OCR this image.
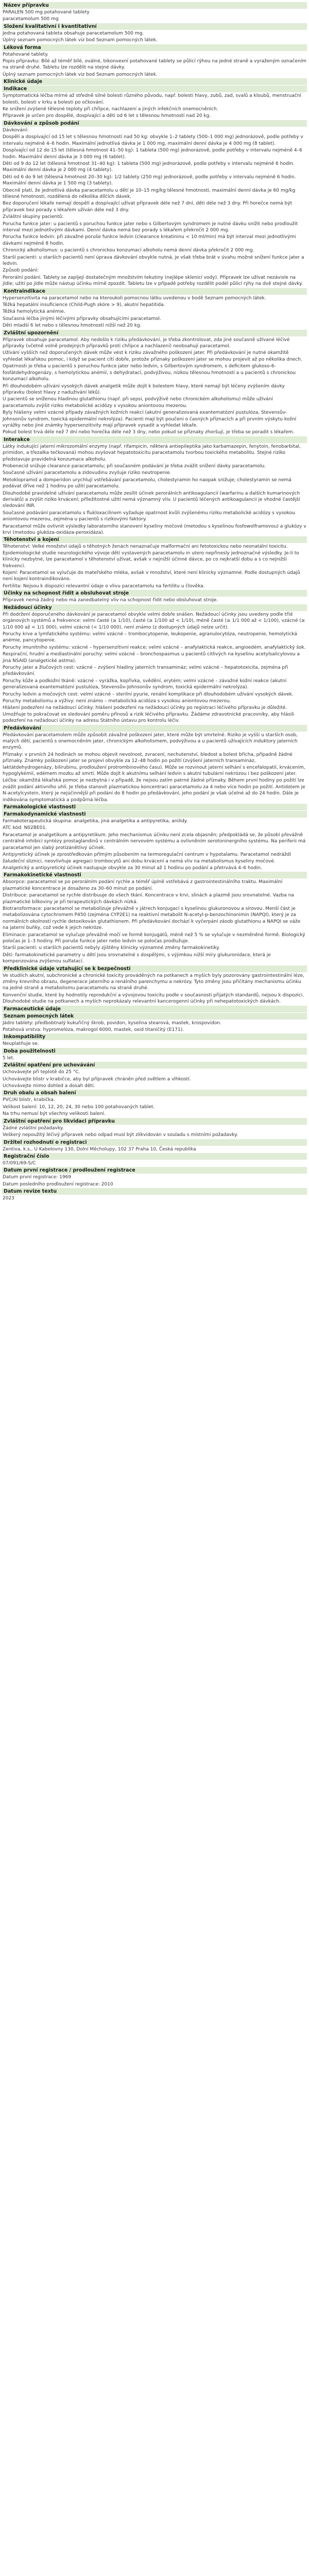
Název přípravku
PARALEN 500 mg potahované tablety
paracetamolum 500 mg
Složení kvalitativní i kvantitativní
Jedna potahovaná tableta obsahuje paracetamolum 500 mg.
Úplný seznam pomocných látek viz bod Seznam pomocných látek.
Léková forma
Potahované tablety.
Popis přípravku: Bílé až téměř bílé, oválné, bikonvexní potahované tablety se půlicí rýhou na jedné straně a vyraženým označením na straně druhé. Tabletu lze rozdělit na stejné dávky.
Úplný seznam pomocných látek viz bod Seznam pomocných látek.
Klinické údaje
Indikace
Symptomatická léčba mírné až středně silné bolesti různého původu, např. bolesti hlavy, zubů, zad, svalů a kloubů, menstruační bolesti, bolesti v krku a bolesti po očkování.
Ke snížení zvýšené tělesné teploty při chřipce, nachlazení a jiných infekčních onemocněních.
Přípravek je určen pro dospělé, dospívající a děti od 6 let s tělesnou hmotností nad 20 kg.
Dávkování a způsob podání
Dávkování:
Dospělí a dospívající od 15 let s tělesnou hmotností nad 50 kg: obvykle 1–2 tablety (500–1 000 mg) jednorázově, podle potřeby v intervalu nejméně 4–6 hodin. Maximální jednotlivá dávka je 1 000 mg, maximální denní dávka je 4 000 mg (8 tablet).
Dospívající od 12 do 15 let (tělesná hmotnost 41–50 kg): 1 tableta (500 mg) jednorázově, podle potřeby v intervalu nejméně 4–6 hodin. Maximální denní dávka je 3 000 mg (6 tablet).
Děti od 9 do 12 let (tělesná hmotnost 31–40 kg): 1 tableta (500 mg) jednorázově, podle potřeby v intervalu nejméně 6 hodin. Maximální denní dávka je 2 000 mg (4 tablety).
Děti od 6 do 9 let (tělesná hmotnost 20–30 kg): 1/2 tablety (250 mg) jednorázově, podle potřeby v intervalu nejméně 6 hodin. Maximální denní dávka je 1 500 mg (3 tablety).
Obecně platí, že jednotlivá dávka paracetamolu u dětí je 10–15 mg/kg tělesné hmotnosti, maximální denní dávka je 60 mg/kg tělesné hmotnosti, rozdělená do několika dílčích dávek.
Bez doporučení lékaře nemají dospělí a dospívající užívat přípravek déle než 7 dní, děti déle než 3 dny. Při horečce nemá být přípravek bez porady s lékařem užíván déle než 3 dny.
Zvláštní skupiny pacientů:
Porucha funkce jater: u pacientů s poruchou funkce jater nebo s Gilbertovým syndromem je nutné dávku snížit nebo prodloužit interval mezi jednotlivými dávkami. Denní dávka nemá bez porady s lékařem překročit 2 000 mg.
Porucha funkce ledvin: při závažné poruše funkce ledvin (clearance kreatininu < 10 ml/min) má být interval mezi jednotlivými dávkami nejméně 8 hodin.
Chronický alkoholismus: u pacientů s chronickou konzumací alkoholu nemá denní dávka překročit 2 000 mg.
Starší pacienti: u starších pacientů není úprava dávkování obvykle nutná, je však třeba brát v úvahu možné snížení funkce jater a ledvin.
Způsob podání:
Perorální podání. Tablety se zapíjejí dostatečným množstvím tekutiny (nejlépe sklenicí vody). Přípravek lze užívat nezávisle na jídle; užití po jídle může nástup účinku mírně zpozdit. Tabletu lze v případě potřeby rozdělit podél půlicí rýhy na dvě stejné dávky.
Kontraindikace
Hypersenzitivita na paracetamol nebo na kteroukoli pomocnou látku uvedenou v bodě Seznam pomocných látek.
Těžká hepatální insuficience (Child-Pugh skóre > 9), akutní hepatitida.
Těžká hemolytická anémie.
Současná léčba jinými léčivými přípravky obsahujícími paracetamol.
Děti mladší 6 let nebo s tělesnou hmotností nižší než 20 kg.
Zvláštní upozornění
Přípravek obsahuje paracetamol. Aby nedošlo k riziku předávkování, je třeba zkontrolovat, zda jiné současně užívané léčivé přípravky (včetně volně prodejných přípravků proti chřipce a nachlazení) neobsahují paracetamol.
Užívání vyšších než doporučených dávek může vést k riziku závažného poškození jater. Při předávkování je nutné okamžitě vyhledat lékařskou pomoc, i když se pacient cítí dobře, protože příznaky poškození jater se mohou projevit až po několika dnech.
Opatrnosti je třeba u pacientů s poruchou funkce jater nebo ledvin, s Gilbertovým syndromem, s deficitem glukoso-6-fosfátdehydrogenázy, s hemolytickou anémií, s dehydratací, podvýživou, nízkou tělesnou hmotností a u pacientů s chronickou konzumací alkoholu.
Při dlouhodobém užívání vysokých dávek analgetik může dojít k bolestem hlavy, které nemají být léčeny zvýšením dávky přípravku (bolest hlavy z nadužívání léků).
U pacientů se sníženou hladinou glutathionu (např. při sepsi, podvýživě nebo chronickém alkoholismu) může užívání paracetamolu zvýšit riziko metabolické acidózy s vysokou aniontovou mezerou.
Byly hlášeny velmi vzácné případy závažných kožních reakcí (akutní generalizovaná exantematózní pustulóza, Stevensův-Johnsonův syndrom, toxická epidermální nekrolýza). Pacienti mají být poučeni o časných příznacích a při prvním výskytu kožní vyrážky nebo jiné známky hypersenzitivity mají přípravek vysadit a vyhledat lékaře.
Pokud bolest trvá déle než 7 dní nebo horečka déle než 3 dny, nebo pokud se příznaky zhoršují, je třeba se poradit s lékařem.
Interakce
Látky indukující jaterní mikrozomální enzymy (např. rifampicin, některá antiepileptika jako karbamazepin, fenytoin, fenobarbital, primidon, a třezalka tečkovaná) mohou zvyšovat hepatotoxicitu paracetamolu tvorbou toxického metabolitu. Stejné riziko představuje pravidelná konzumace alkoholu.
Probenecid snižuje clearance paracetamolu; při současném podávání je třeba zvážit snížení dávky paracetamolu.
Současné užívání paracetamolu a zidovudinu zvyšuje riziko neutropenie.
Metoklopramid a domperidon urychlují vstřebávání paracetamolu, cholestyramin ho naopak snižuje; cholestyramin se nemá podávat dříve než 1 hodinu po užití paracetamolu.
Dlouhodobé pravidelné užívání paracetamolu může zesílit účinek perorálních antikoagulancií (warfarinu a dalších kumarinových derivátů) a zvýšit riziko krvácení; příležitostné užití nemá významný vliv. U pacientů léčených antikoagulancii je vhodné častější sledování INR.
Současné podávání paracetamolu s flukloxacilinem vyžaduje opatrnost kvůli zvýšenému riziku metabolické acidózy s vysokou aniontovou mezerou, zejména u pacientů s rizikovými faktory.
Paracetamol může ovlivnit výsledky laboratorního stanovení kyseliny močové (metodou s kyselinou fosfowolframovou) a glukózy v krvi (metodou glukóza-oxidáza-peroxidáza).
Těhotenství a kojení
Těhotenství: Velké množství údajů o těhotných ženách nenaznačuje malformační ani fetotoxickou nebo neonatální toxicitu. Epidemiologické studie neurologického vývoje dětí vystavených paracetamolu in utero nepřinesly jednoznačné výsledky. Je-li to klinicky nezbytné, lze paracetamol v těhotenství užívat, avšak v nejnižší účinné dávce, po co nejkratší dobu a s co nejnižší frekvencí.
Kojení: Paracetamol se vylučuje do mateřského mléka, avšak v množství, které není klinicky významné. Podle dostupných údajů není kojení kontraindikováno.
Fertilita: Nejsou k dispozici relevantní údaje o vlivu paracetamolu na fertilitu u člověka.
Účinky na schopnost řídit a obsluhovat stroje
Přípravek nemá žádný nebo má zanedbatelný vliv na schopnost řídit nebo obsluhovat stroje.
Nežádoucí účinky
Při dodržení doporučeného dávkování je paracetamol obvykle velmi dobře snášen. Nežádoucí účinky jsou uvedeny podle tříd orgánových systémů a frekvence: velmi časté (≥ 1/10), časté (≥ 1/100 až < 1/10), méně časté (≥ 1/1 000 až < 1/100), vzácné (≥ 1/10 000 až < 1/1 000), velmi vzácné (< 1/10 000), není známo (z dostupných údajů nelze určit).
Poruchy krve a lymfatického systému: velmi vzácné – trombocytopenie, leukopenie, agranulocytóza, neutropenie, hemolytická anémie, pancytopenie.
Poruchy imunitního systému: vzácné – hypersenzitivní reakce; velmi vzácné – anafylaktická reakce, angioedém, anafylaktický šok.
Respirační, hrudní a mediastinální poruchy: velmi vzácné – bronchospasmus u pacientů citlivých na kyselinu acetylsalicylovou a jiná NSAID (analgetické astma).
Poruchy jater a žlučových cest: vzácné – zvýšení hladiny jaterních transamináz; velmi vzácné – hepatotoxicita, zejména při předávkování.
Poruchy kůže a podkožní tkáně: vzácné – vyrážka, kopřivka, svědění, erytém; velmi vzácné – závažné kožní reakce (akutní generalizovaná exantematózní pustulóza, Stevensův-Johnsonův syndrom, toxická epidermální nekrolýza).
Poruchy ledvin a močových cest: velmi vzácné – sterilní pyurie, renální komplikace při dlouhodobém užívání vysokých dávek.
Poruchy metabolismu a výživy: není známo – metabolická acidóza s vysokou aniontovou mezerou.
Hlášení podezření na nežádoucí účinky: hlášení podezření na nežádoucí účinky po registraci léčivého přípravku je důležité. Umožňuje to pokračovat ve sledování poměru přínosů a rizik léčivého přípravku. Žádáme zdravotnické pracovníky, aby hlásili podezření na nežádoucí účinky na adresu Státního ústavu pro kontrolu léčiv.
Předávkování
Předávkování paracetamolem může způsobit závažné poškození jater, které může být smrtelné. Riziko je vyšší u starších osob, malých dětí, pacientů s onemocněním jater, chronickým alkoholismem, podvýživou a u pacientů užívajících induktory jaterních enzymů.
Příznaky: v prvních 24 hodinách se mohou objevit nevolnost, zvracení, nechutenství, bledost a bolest břicha, případně žádné příznaky. Známky poškození jater se projeví obvykle za 12–48 hodin po požití (zvýšení jaterních transamináz, laktátdehydrogenázy, bilirubinu, prodloužení protrombinového času). Může se rozvinout jaterní selhání s encefalopatií, krvácením, hypoglykémií, edémem mozku až smrtí. Může dojít k akutnímu selhání ledvin s akutní tubulární nekrózou i bez poškození jater.
Léčba: okamžitá lékařská pomoc je nezbytná i v případě, že nejsou zatím patrné žádné příznaky. Během první hodiny po požití lze zvážit podání aktivního uhlí. Je třeba stanovit plazmatickou koncentraci paracetamolu za 4 nebo více hodin po požití. Antidotem je N-acetylcystein, který je nejúčinnější při podání do 8 hodin po předávkování, jeho podání je však účelné až do 24 hodin. Dále je indikována symptomatická a podpůrná léčba.
Farmakologické vlastnosti
Farmakodynamické vlastnosti
Farmakoterapeutická skupina: analgetika, jiná analgetika a antipyretika, anilidy.
ATC kód: N02BE01.
Paracetamol je analgetikum a antipyretikum. Jeho mechanismus účinku není zcela objasněn; předpokládá se, že působí převážně centrálně inhibicí syntézy prostaglandinů v centrálním nervovém systému a ovlivněním serotoninergního systému. Na periferii má paracetamol jen slabý protizánětlivý účinek.
Antipyretický účinek je zprostředkován přímým působením na termoregulační centrum v hypotalamu. Paracetamol nedráždí žaludeční sliznici, neovlivňuje agregaci trombocytů ani dobu krvácení a nemá vliv na metabolismus kyseliny močové.
Analgetický a antipyretický účinek nastupuje obvykle za 30 minut až 1 hodinu po podání a přetrvává 4–6 hodin.
Farmakokinetické vlastnosti
Absorpce: paracetamol se po perorálním podání rychle a téměř úplně vstřebává z gastrointestinálního traktu. Maximální plazmatické koncentrace je dosaženo za 30–60 minut po podání.
Distribuce: paracetamol se rychle distribuuje do všech tkání. Koncentrace v krvi, slinách a plazmě jsou srovnatelné. Vazba na plazmatické bílkoviny je při terapeutických dávkách nízká.
Biotransformace: paracetamol se metabolizuje převážně v játrech konjugací s kyselinou glukuronovou a sírovou. Menší část je metabolizována cytochromem P450 (zejména CYP2E1) na reaktivní metabolit N-acetyl-p-benzochinonimin (NAPQI), který je za normálních okolností rychle detoxikován glutathionem. Při předávkování dochází k vyčerpání zásob glutathionu a NAPQI se váže na jaterní buňky, což vede k jejich nekróze.
Eliminace: paracetamol se vylučuje převážně močí ve formě konjugátů, méně než 5 % se vylučuje v nezměněné formě. Biologický poločas je 1–3 hodiny. Při poruše funkce jater nebo ledvin se poločas prodlužuje.
Starší pacienti: u starších pacientů nebyly zjištěny klinicky významné změny farmakokinetiky.
Děti: farmakokinetické parametry u dětí jsou srovnatelné s dospělými, s výjimkou nižší míry glukuronidace, která je kompenzována zvýšenou sulfatací.
Předklinické údaje vztahující se k bezpečnosti
Ve studiích akutní, subchronické a chronické toxicity prováděných na potkanech a myších byly pozorovány gastrointestinální léze, změny krevního obrazu, degenerace jaterního a renálního parenchymu a nekrózy. Tyto změny jsou přičítány mechanismu účinku na jedné straně a metabolismu paracetamolu na straně druhé.
Konvenční studie, které by hodnotily reprodukční a vývojovou toxicitu podle v současnosti přijatých standardů, nejsou k dispozici. Dlouhodobé studie na potkanech a myších neprokázaly relevantní kancerogenní účinky při nehepatotoxických dávkách.
Farmaceutické údaje
Seznam pomocných látek
Jádro tablety: předbobtnalý kukuřičný škrob, povidon, kyselina stearová, mastek, krospovidon.
Potahová vrstva: hypromelóza, makrogol 6000, mastek, oxid titaničitý (E171).
Inkompatibility
Neuplatňuje se.
Doba použitelnosti
5 let.
Zvláštní opatření pro uchovávání
Uchovávejte při teplotě do 25 °C.
Uchovávejte blistr v krabičce, aby byl přípravek chráněn před světlem a vlhkostí.
Uchovávejte mimo dohled a dosah dětí.
Druh obalu a obsah balení
PVC/Al blistr, krabička.
Velikost balení: 10, 12, 20, 24, 30 nebo 100 potahovaných tablet.
Na trhu nemusí být všechny velikosti balení.
Zvláštní opatření pro likvidaci přípravku
Žádné zvláštní požadavky.
Veškerý nepoužitý léčivý přípravek nebo odpad musí být zlikvidován v souladu s místními požadavky.
Držitel rozhodnutí o registraci
Zentiva, k.s., U Kabelovny 130, Dolní Měcholupy, 102 37 Praha 10, Česká republika
Registrační číslo
07/091/69-S/C
Datum první registrace / prodloužení registrace
Datum první registrace: 1969
Datum posledního prodloužení registrace: 2010
Datum revize textu
2023
